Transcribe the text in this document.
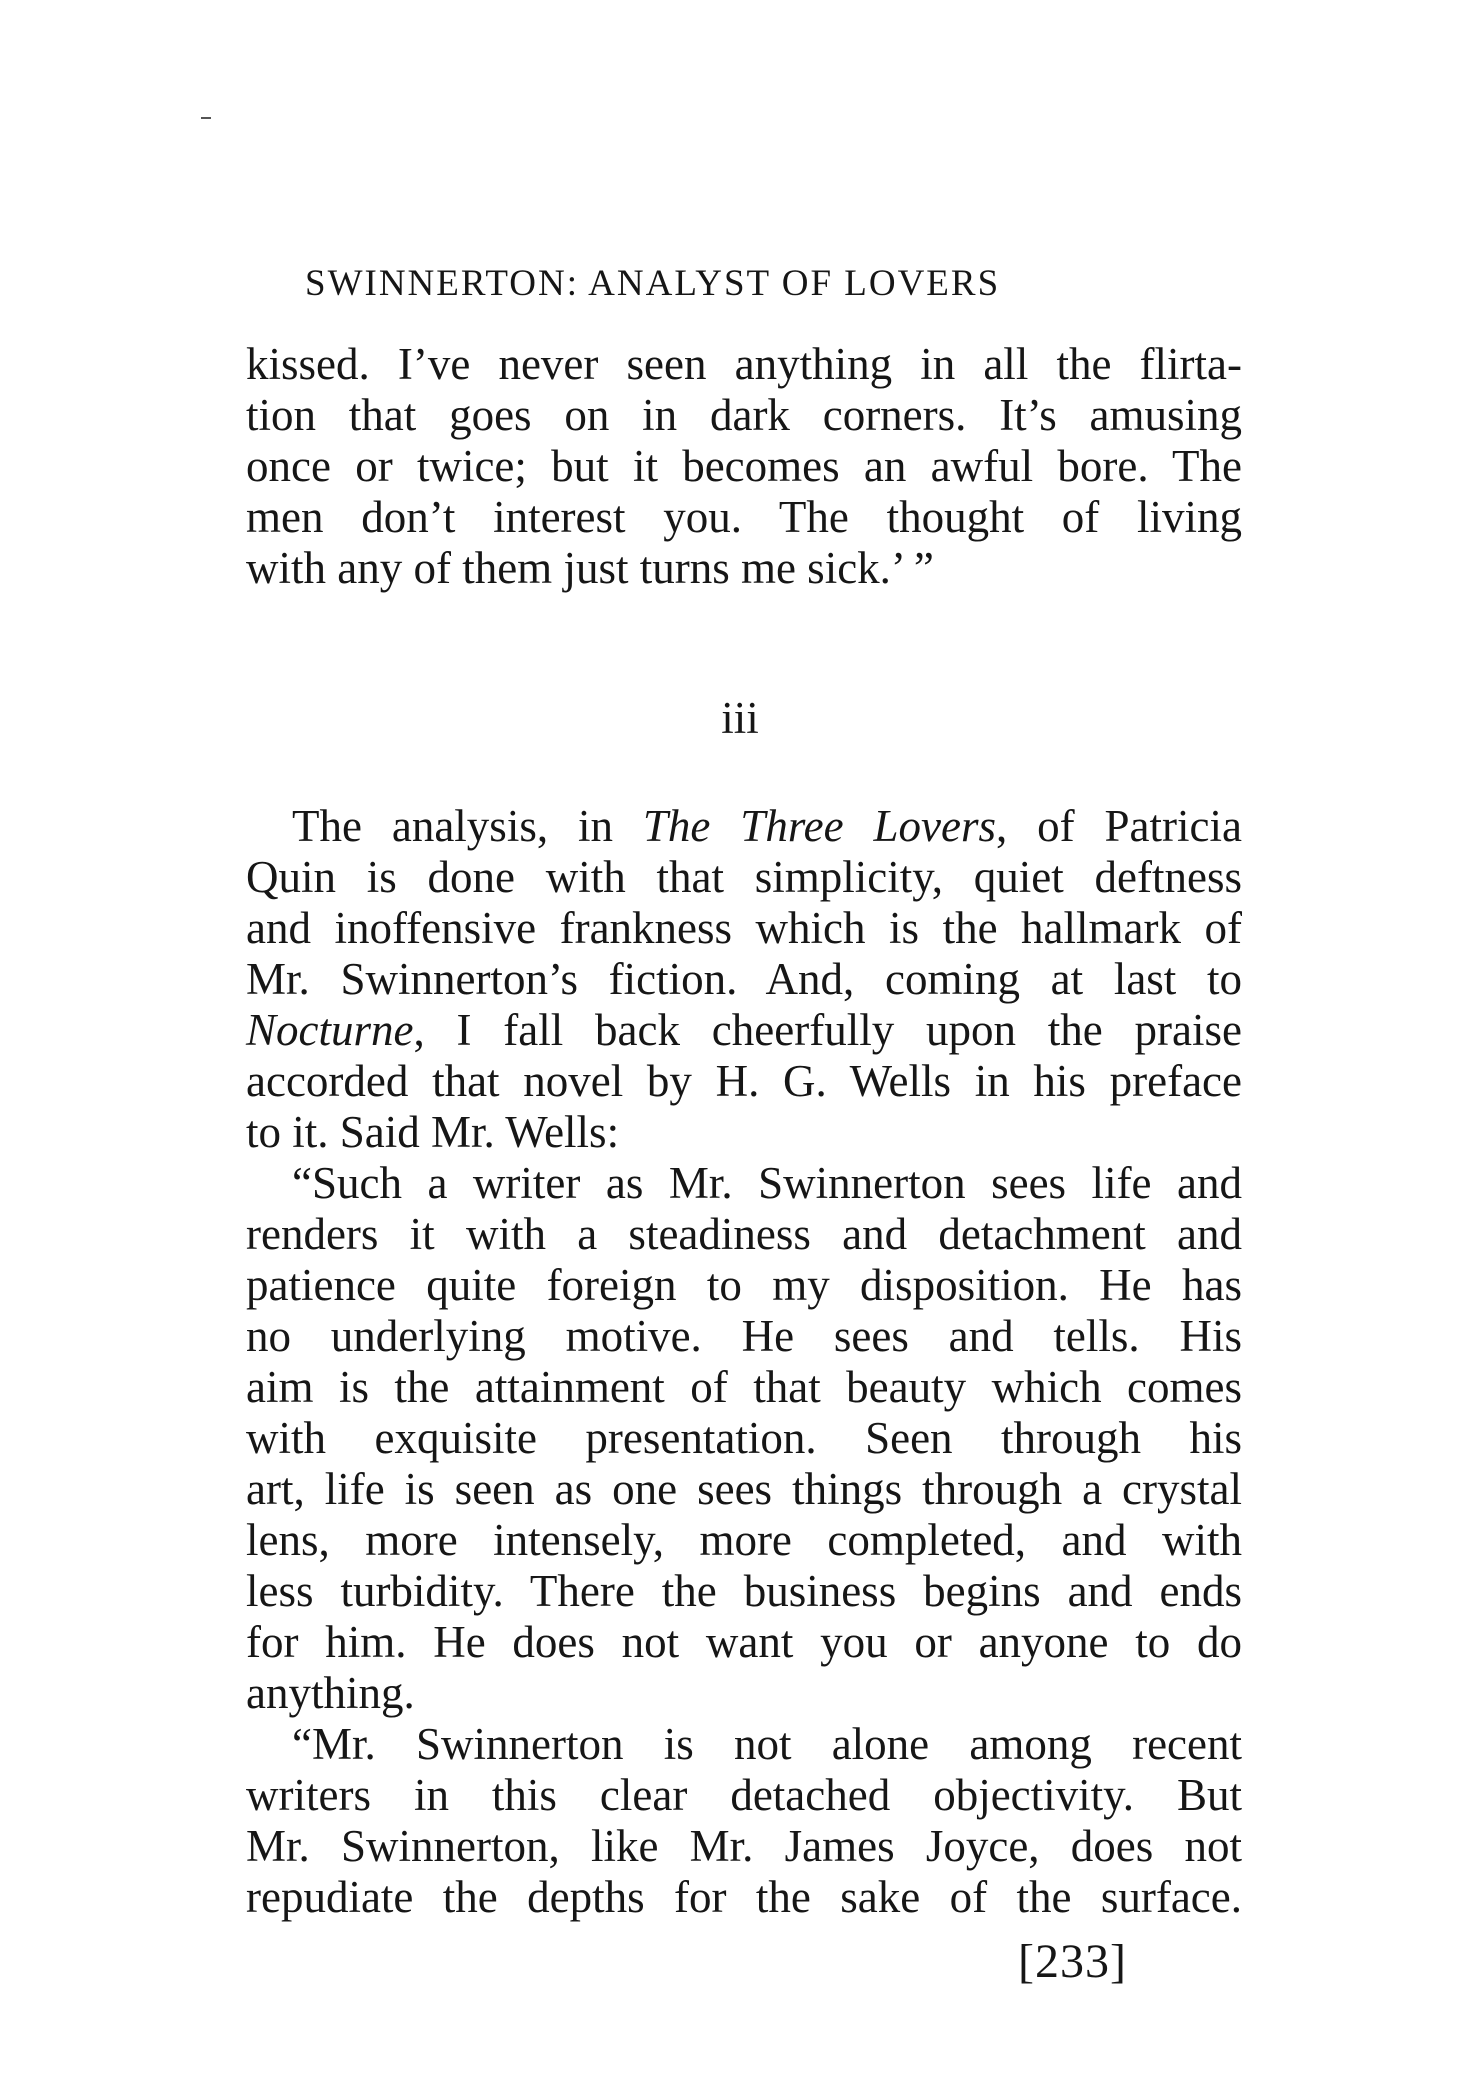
SWINNERTON: ANALYST OF LOVERS
kissed. I’ve never seen anything in all the flirta-
tion that goes on in dark corners. It’s amusing
once or twice; but it becomes an awful bore. The
men don’t interest you. The thought of living
with any of them just turns me sick.’ ”
iii
The analysis, in The Three Lovers, of Patricia
Quin is done with that simplicity, quiet deftness
and inoffensive frankness which is the hallmark of
Mr. Swinnerton’s fiction. And, coming at last to
Nocturne, I fall back cheerfully upon the praise
accorded that novel by H. G. Wells in his preface
to it. Said Mr. Wells:
“Such a writer as Mr. Swinnerton sees life and
renders it with a steadiness and detachment and
patience quite foreign to my disposition. He has
no underlying motive. He sees and tells. His
aim is the attainment of that beauty which comes
with exquisite presentation. Seen through his
art, life is seen as one sees things through a crystal
lens, more intensely, more completed, and with
less turbidity. There the business begins and ends
for him. He does not want you or anyone to do
anything.
“Mr. Swinnerton is not alone among recent
writers in this clear detached objectivity. But
Mr. Swinnerton, like Mr. James Joyce, does not
repudiate the depths for the sake of the surface.
[233]
